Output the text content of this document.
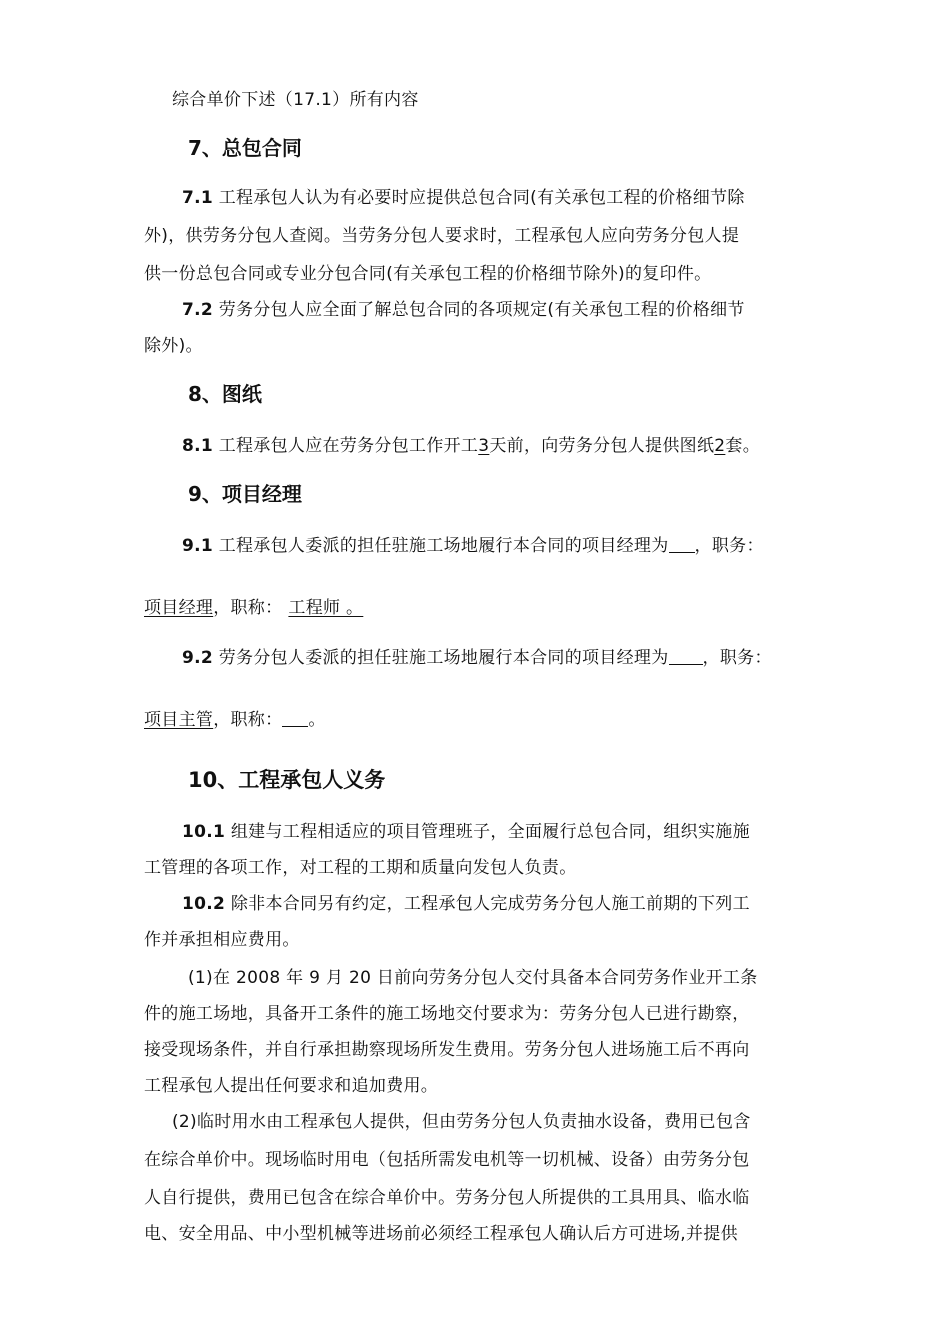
综合单价下述（17.1）所有内容
7、总包合同
7.1 工程承包人认为有必要时应提供总包合同(有关承包工程的价格细节除
外)，供劳务分包人查阅。当劳务分包人要求时，工程承包人应向劳务分包人提
供一份总包合同或专业分包合同(有关承包工程的价格细节除外)的复印件。
7.2 劳务分包人应全面了解总包合同的各项规定(有关承包工程的价格细节
除外)。
8、图纸
8.1 工程承包人应在劳务分包工作开工3天前，向劳务分包人提供图纸2套。
9、项目经理
9.1 工程承包人委派的担任驻施工场地履行本合同的项目经理为 ，职务：
项目经理，职称： 工程师 。
9.2 劳务分包人委派的担任驻施工场地履行本合同的项目经理为 ，职务：
项目主管，职称： 。
10、工程承包人义务
10.1 组建与工程相适应的项目管理班子，全面履行总包合同，组织实施施
工管理的各项工作，对工程的工期和质量向发包人负责。
10.2 除非本合同另有约定，工程承包人完成劳务分包人施工前期的下列工
作并承担相应费用。
(1)在 2008 年 9 月 20 日前向劳务分包人交付具备本合同劳务作业开工条
件的施工场地，具备开工条件的施工场地交付要求为：劳务分包人已进行勘察，
接受现场条件，并自行承担勘察现场所发生费用。劳务分包人进场施工后不再向
工程承包人提出任何要求和追加费用。
(2)临时用水由工程承包人提供，但由劳务分包人负责抽水设备，费用已包含
在综合单价中。现场临时用电（包括所需发电机等一切机械、设备）由劳务分包
人自行提供，费用已包含在综合单价中。劳务分包人所提供的工具用具、临水临
电、安全用品、中小型机械等进场前必须经工程承包人确认后方可进场,并提供
